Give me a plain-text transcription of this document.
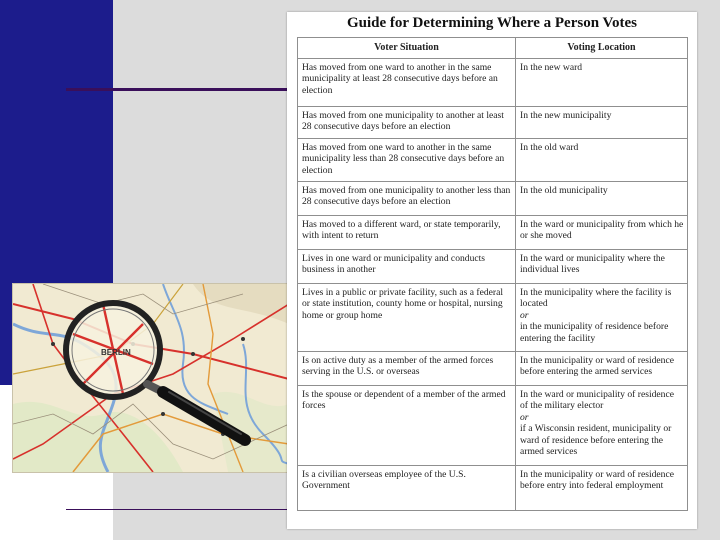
BERLIN
Guide for Determining Where a Person Votes
Voter Situation	Voting Location
Has moved from one ward to another in the same municipality at least 28 consecutive days before an election	In the new ward
Has moved from one municipality to another at least 28 consecutive days before an election	In the new municipality
Has moved from one ward to another in the same municipality less than 28 consecutive days before an election	In the old ward
Has moved from one municipality to another less than 28 consecutive days before an election	In the old municipality
Has moved to a different ward, or state temporarily, with intent to return	In the ward or municipality from which he or she moved
Lives in one ward or municipality and conducts business in another	In the ward or municipality where the individual lives
Lives in a public or private facility, such as a federal or state institution, county home or hospital, nursing home or group home	In the municipality where the facility is located
or
in the municipality of residence before entering the facility
Is on active duty as a member of the armed forces serving in the U.S. or overseas	In the municipality or ward of residence before entering the armed services
Is the spouse or dependent of a member of the armed forces	In the ward or municipality of residence of the military elector
or
if a Wisconsin resident, municipality or ward of residence before entering the armed services
Is a civilian overseas employee of the U.S. Government	In the municipality or ward of residence before entry into federal employment
